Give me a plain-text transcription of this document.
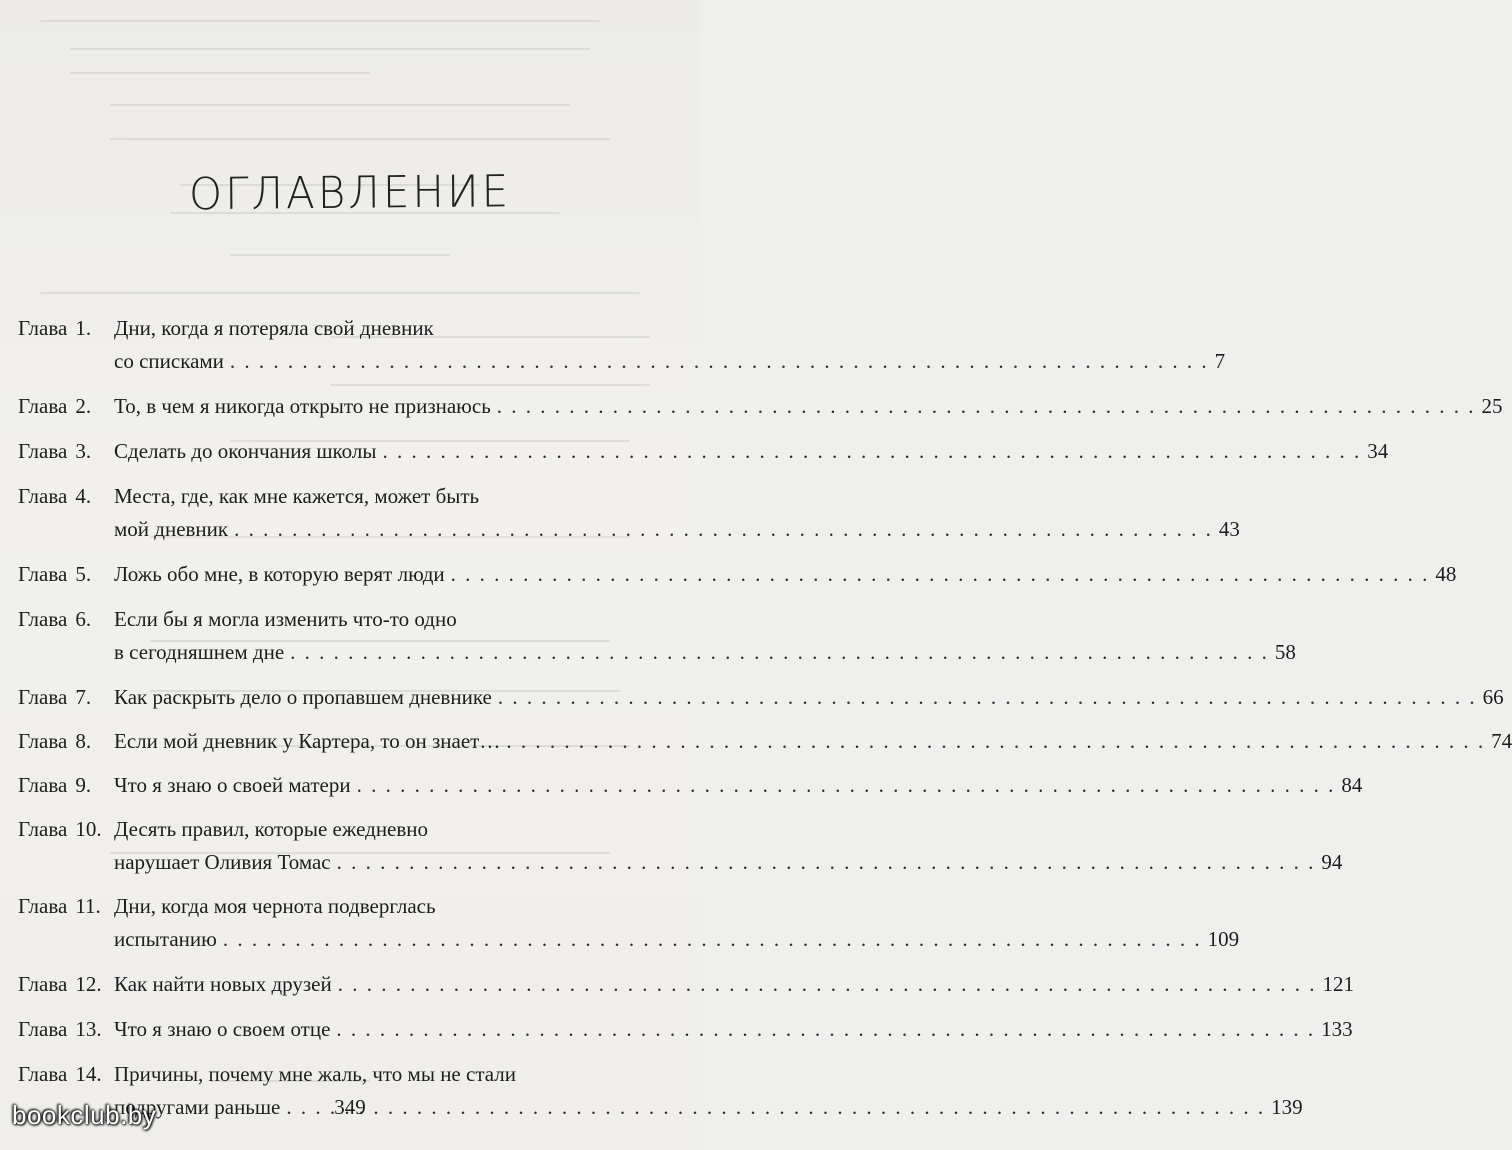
ОГЛАВЛЕНИЕ
Глава 1.	Дни, когда я потеряла свой дневник
со списками . . .	7
Глава 2.	То, в чем я никогда открыто не признаюсь . . .	25
Глава 3.	Сделать до окончания школы . . .	34
Глава 4.	Места, где, как мне кажется, может быть
мой дневник . . .	43
Глава 5.	Ложь обо мне, в которую верят люди . . .	48
Глава 6.	Если бы я могла изменить что-то одно
в сегодняшнем дне . . .	58
Глава 7.	Как раскрыть дело о пропавшем дневнике . . .	66
Глава 8.	Если мой дневник у Картера, то он знает… . . .	74
Глава 9.	Что я знаю о своей матери . . .	84
Глава 10. Десять правил, которые ежедневно
нарушает Оливия Томас . . .	94
Глава 11. Дни, когда моя чернота подверглась
испытанию . . .	109
Глава 12. Как найти новых друзей . . .	121
Глава 13. Что я знаю о своем отце . . .	133
Глава 14. Причины, почему мне жаль, что мы не стали
подругами раньше . . .	139
349
bookclub.by
